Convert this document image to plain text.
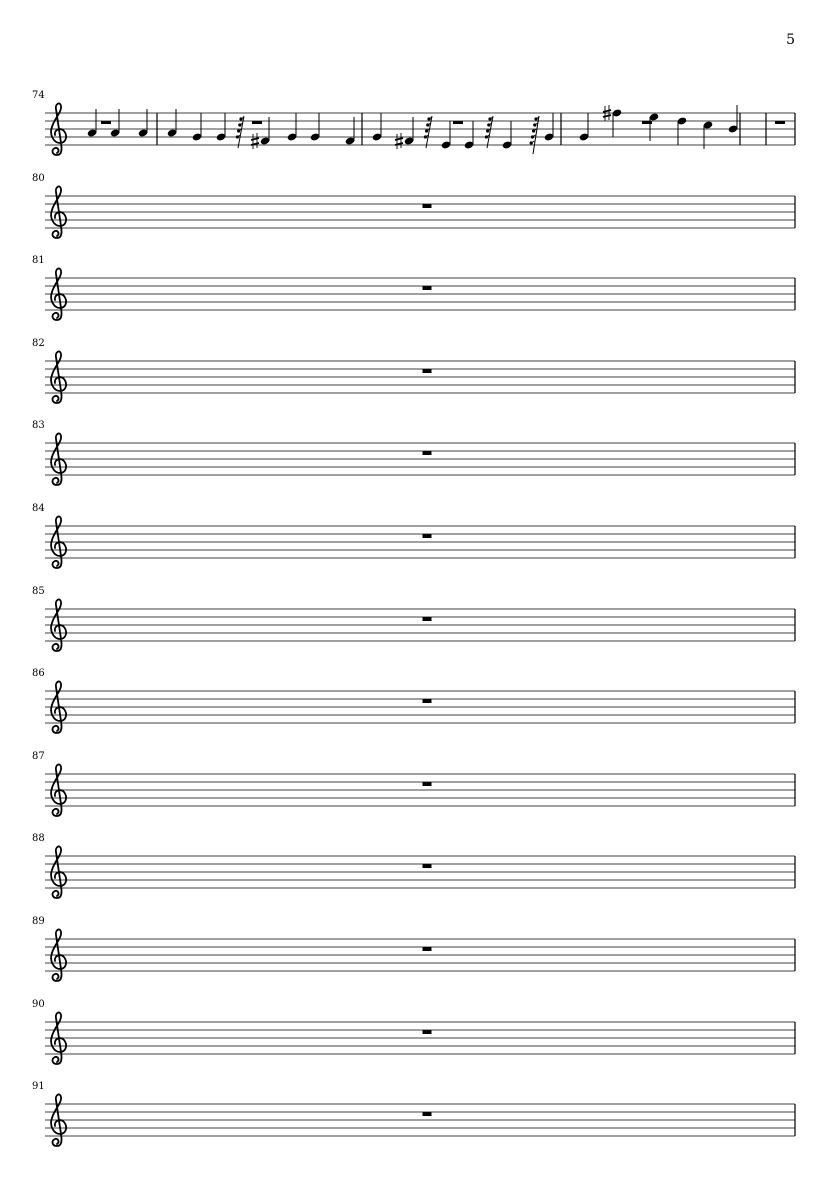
5
74
80
81
82
83
84
85
86
87
88
89
90
91
